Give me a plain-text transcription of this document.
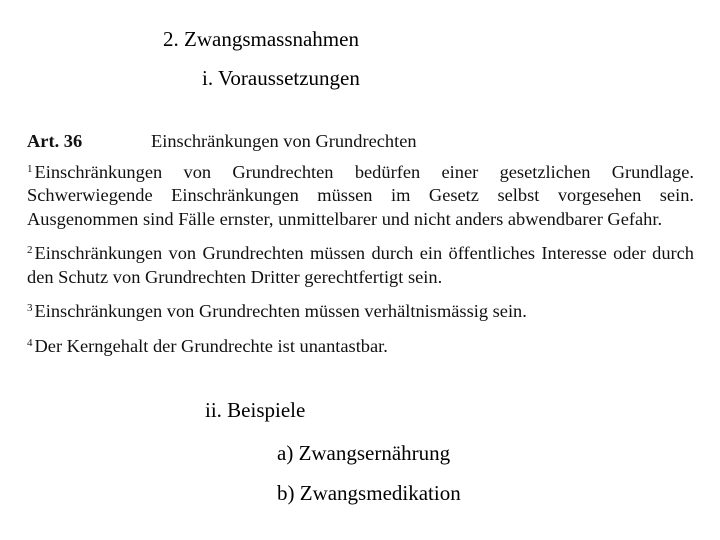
2. Zwangsmassnahmen
i. Voraussetzungen
Art. 36	Einschränkungen von Grundrechten

$^1$ Einschränkungen von Grundrechten bedürfen einer gesetzlichen Grundlage. Schwerwiegende Einschränkungen müssen im Gesetz selbst vorgesehen sein. Ausgenommen sind Fälle ernster, unmittelbarer und nicht anders abwendbarer Gefahr.

$^2$ Einschränkungen von Grundrechten müssen durch ein öffentliches Interesse oder durch den Schutz von Grundrechten Dritter gerechtfertigt sein.

$^3$ Einschränkungen von Grundrechten müssen verhältnismässig sein.

$^4$ Der Kerngehalt der Grundrechte ist unantastbar.

ii. Beispiele
a) Zwangsernährung
b) Zwangsmedikation
